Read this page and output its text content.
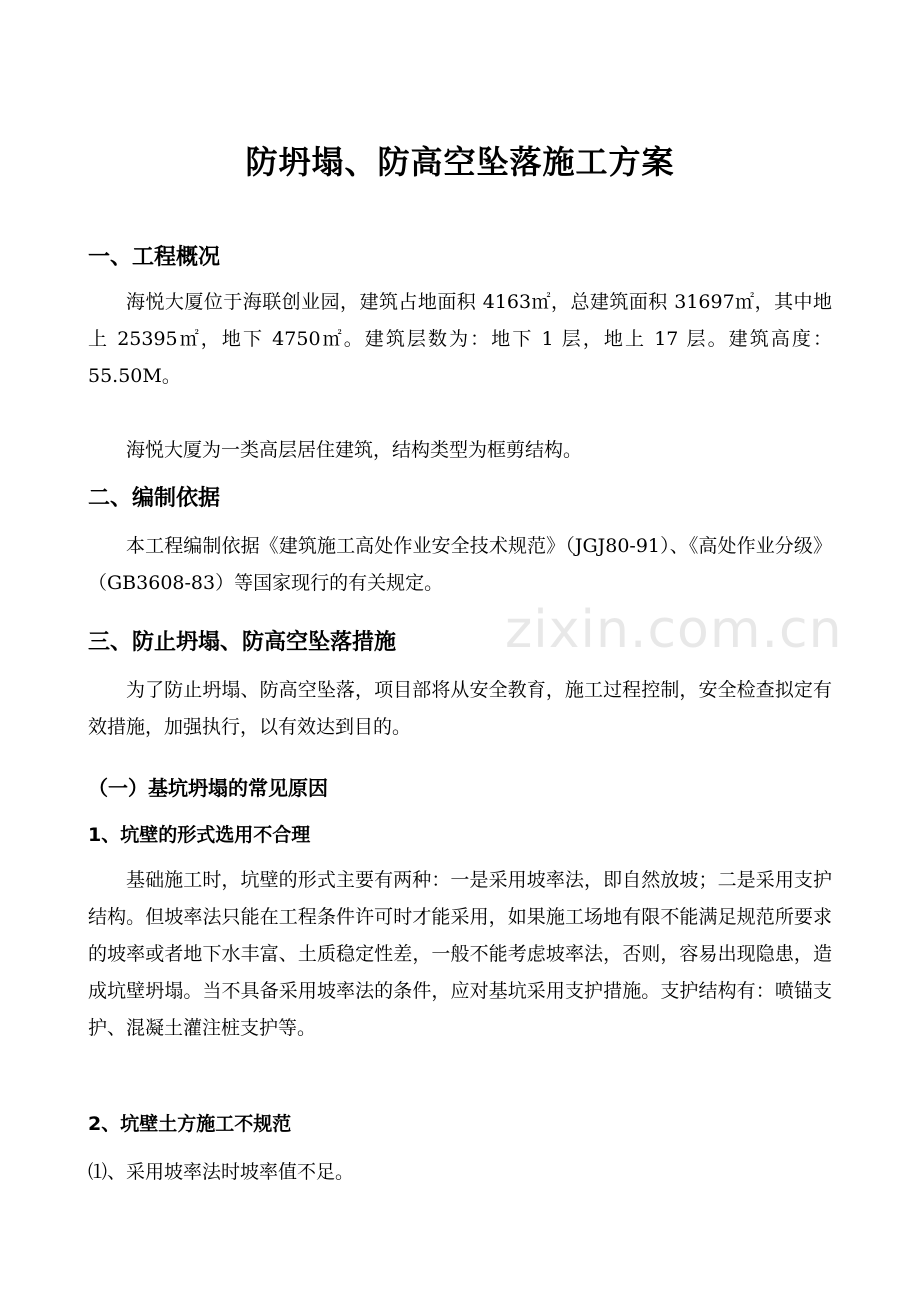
防坍塌、防高空坠落施工方案
一、工程概况
海悦大厦位于海联创业园，建筑占地面积 4163㎡，总建筑面积 31697㎡，其中地上 25395㎡，地下 4750㎡。建筑层数为：地下 1 层，地上 17 层。建筑高度：55.50M。
海悦大厦为一类高层居住建筑，结构类型为框剪结构。
二、编制依据
本工程编制依据《建筑施工高处作业安全技术规范》（JGJ80-91）、《高处作业分级》（GB3608-83）等国家现行的有关规定。
三、防止坍塌、防高空坠落措施
为了防止坍塌、防高空坠落，项目部将从安全教育，施工过程控制，安全检查拟定有效措施，加强执行，以有效达到目的。
（一）基坑坍塌的常见原因
1、坑壁的形式选用不合理
基础施工时，坑壁的形式主要有两种：一是采用坡率法，即自然放坡；二是采用支护结构。但坡率法只能在工程条件许可时才能采用，如果施工场地有限不能满足规范所要求的坡率或者地下水丰富、土质稳定性差，一般不能考虑坡率法，否则，容易出现隐患，造成坑壁坍塌。当不具备采用坡率法的条件，应对基坑采用支护措施。支护结构有：喷锚支护、混凝土灌注桩支护等。
2、坑壁土方施工不规范
⑴、采用坡率法时坡率值不足。
zixin.com.cn
